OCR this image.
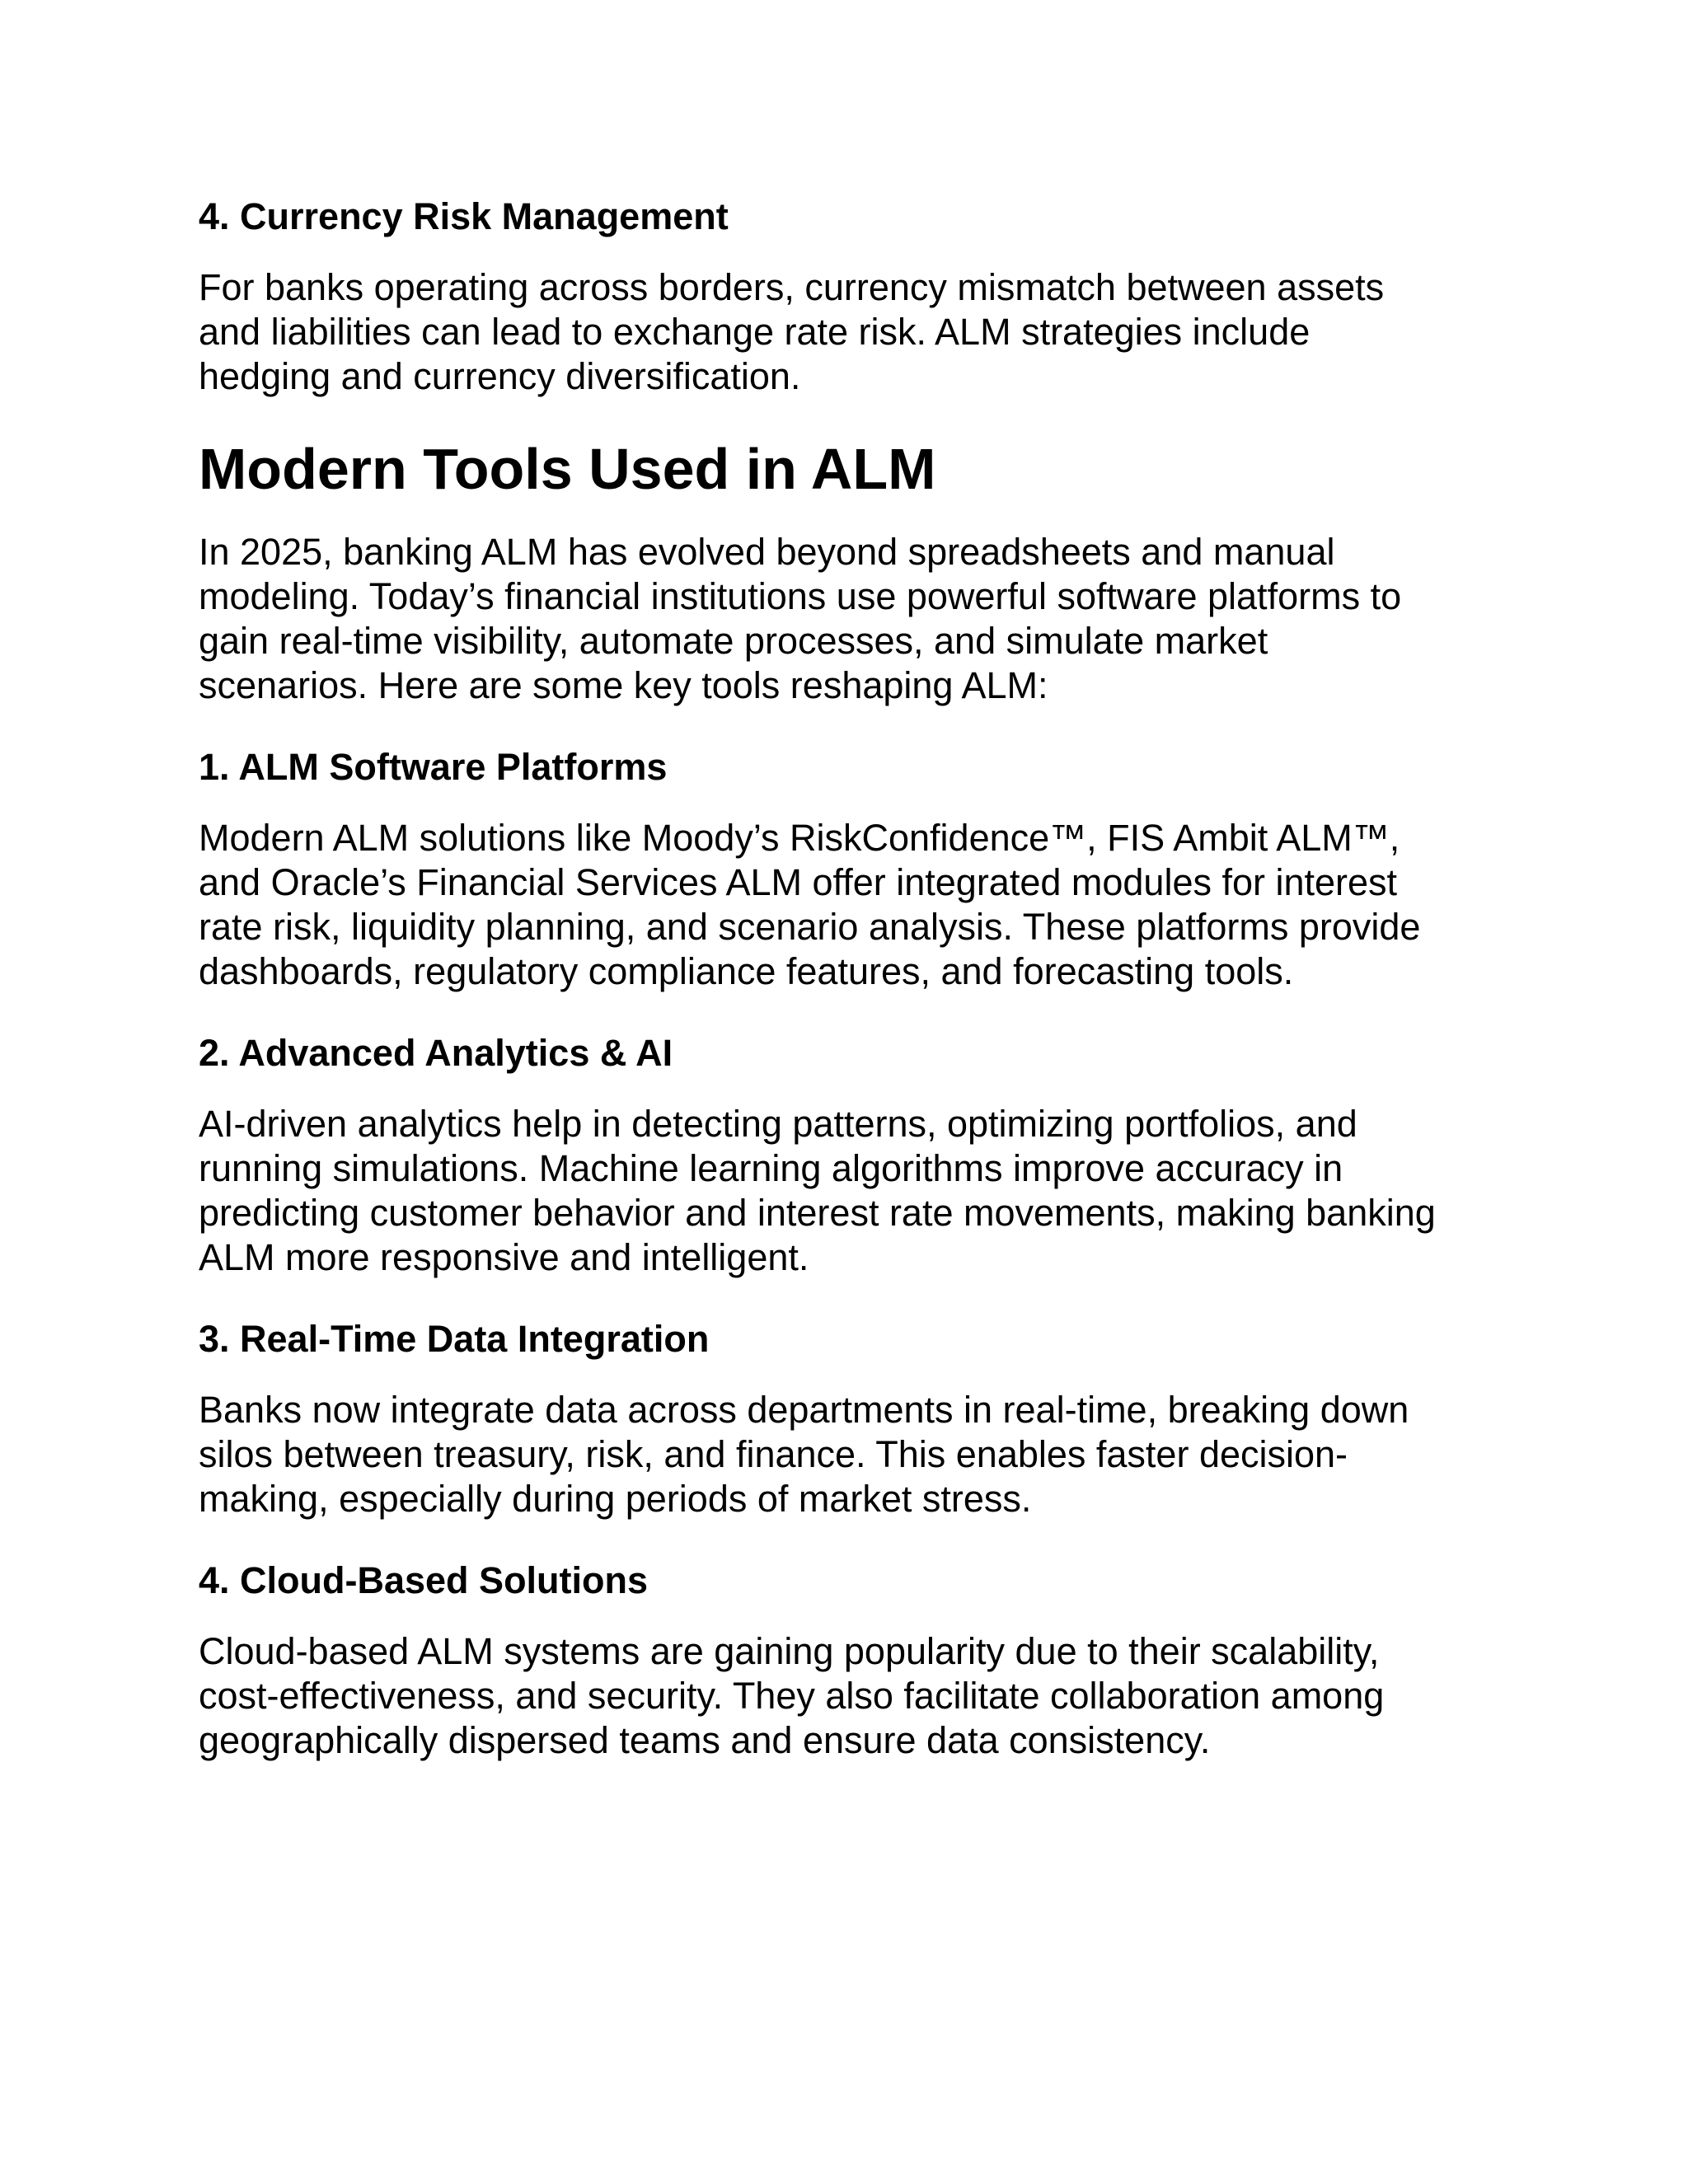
4. Currency Risk Management
For banks operating across borders, currency mismatch between assets
and liabilities can lead to exchange rate risk. ALM strategies include
hedging and currency diversification.
Modern Tools Used in ALM
In 2025, banking ALM has evolved beyond spreadsheets and manual
modeling. Today’s financial institutions use powerful software platforms to
gain real-time visibility, automate processes, and simulate market
scenarios. Here are some key tools reshaping ALM:
1. ALM Software Platforms
Modern ALM solutions like Moody’s RiskConfidence™, FIS Ambit ALM™,
and Oracle’s Financial Services ALM offer integrated modules for interest
rate risk, liquidity planning, and scenario analysis. These platforms provide
dashboards, regulatory compliance features, and forecasting tools.
2. Advanced Analytics & AI
AI-driven analytics help in detecting patterns, optimizing portfolios, and
running simulations. Machine learning algorithms improve accuracy in
predicting customer behavior and interest rate movements, making banking
ALM more responsive and intelligent.
3. Real-Time Data Integration
Banks now integrate data across departments in real-time, breaking down
silos between treasury, risk, and finance. This enables faster decision-
making, especially during periods of market stress.
4. Cloud-Based Solutions
Cloud-based ALM systems are gaining popularity due to their scalability,
cost-effectiveness, and security. They also facilitate collaboration among
geographically dispersed teams and ensure data consistency.
